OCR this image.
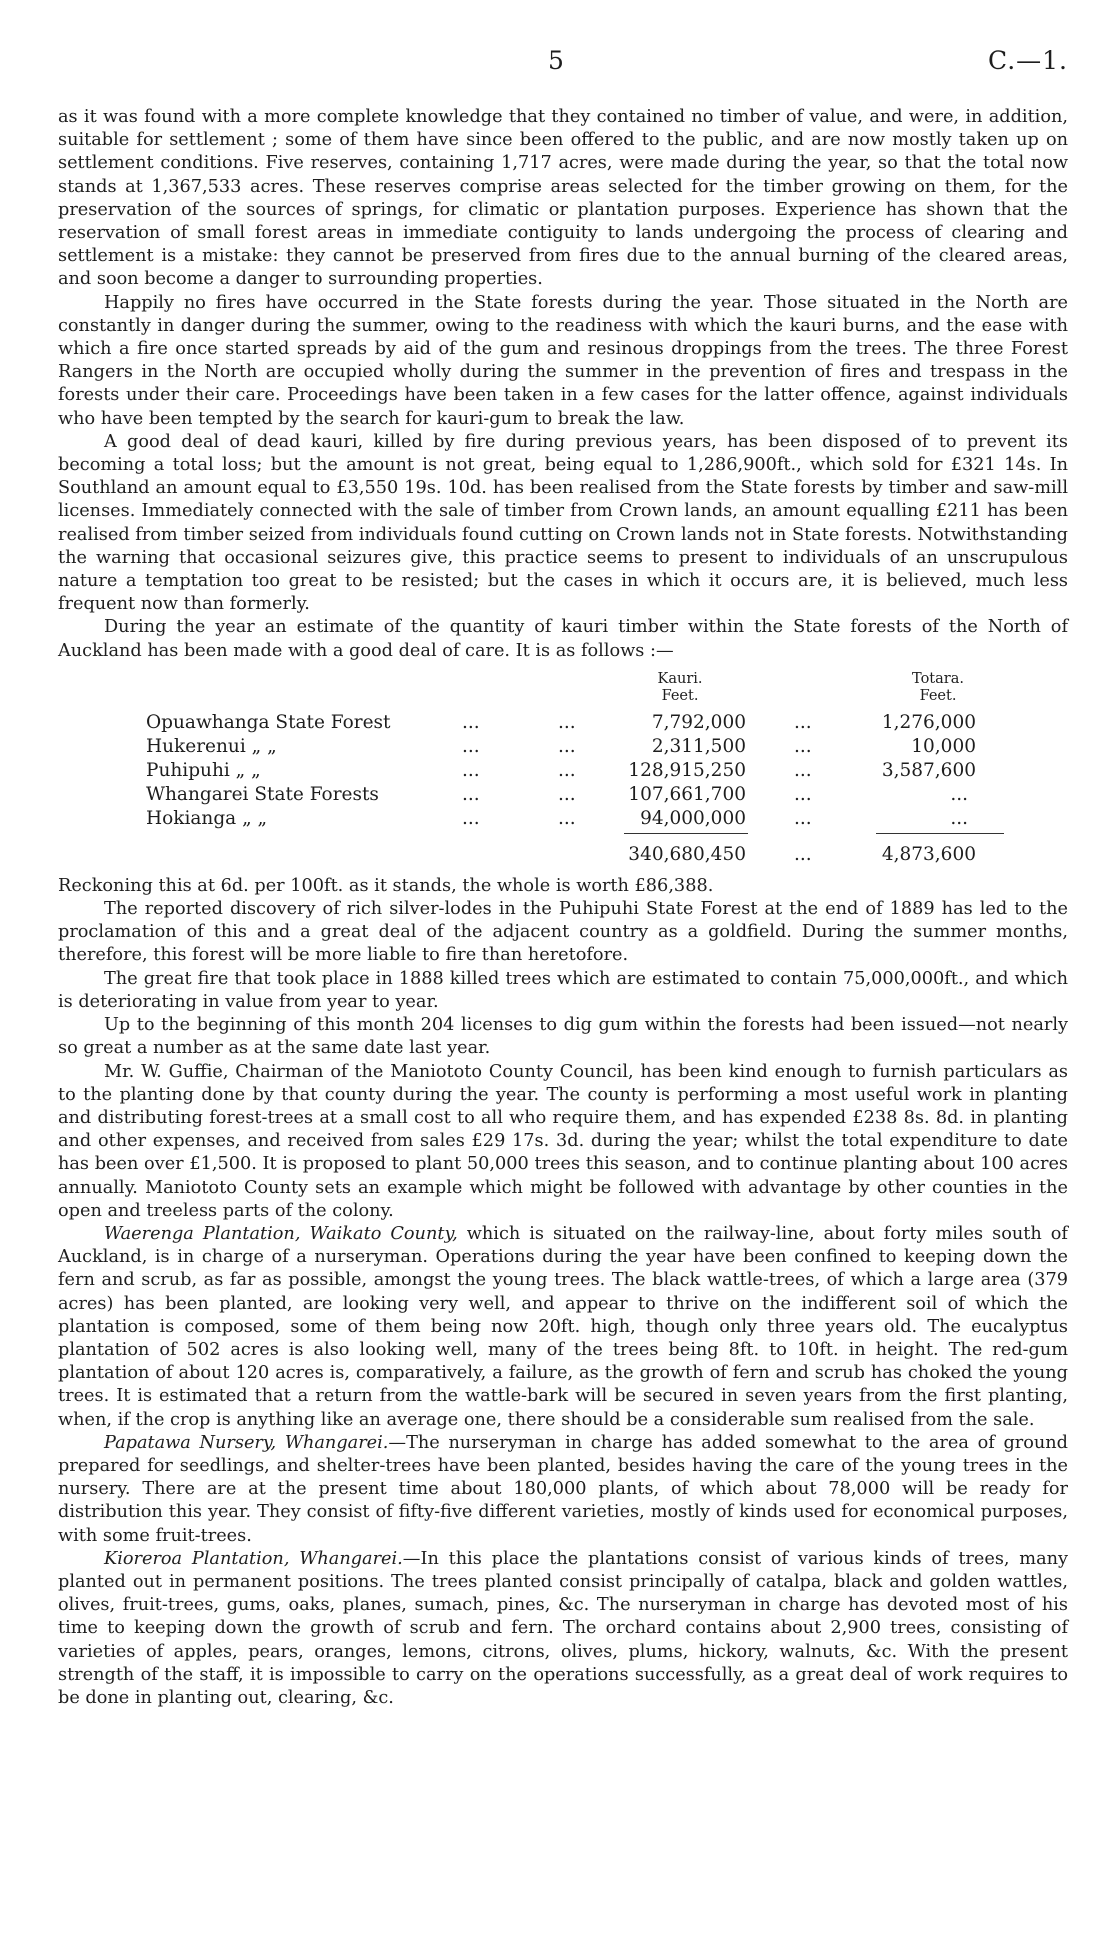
5	C.—1.

as it was found with a more complete knowledge that they contained no timber of value, and were, in addition, suitable for settlement ; some of them have since been offered to the public, and are now mostly taken up on settlement conditions. Five reserves, containing 1,717 acres, were made during the year, so that the total now stands at 1,367,533 acres. These reserves comprise areas selected for the timber growing on them, for the preservation of the sources of springs, for climatic or plantation purposes. Experience has shown that the reservation of small forest areas in immediate contiguity to lands undergoing the process of clearing and settlement is a mistake: they cannot be preserved from fires due to the annual burning of the cleared areas, and soon become a danger to surrounding properties.

Happily no fires have occurred in the State forests during the year. Those situated in the North are constantly in danger during the summer, owing to the readiness with which the kauri burns, and the ease with which a fire once started spreads by aid of the gum and resinous droppings from the trees. The three Forest Rangers in the North are occupied wholly during the summer in the prevention of fires and trespass in the forests under their care. Proceedings have been taken in a few cases for the latter offence, against individuals who have been tempted by the search for kauri-gum to break the law.

A good deal of dead kauri, killed by fire during previous years, has been disposed of to prevent its becoming a total loss; but the amount is not great, being equal to 1,286,900ft., which sold for £321 14s. In Southland an amount equal to £3,550 19s. 10d. has been realised from the State forests by timber and saw-mill licenses. Immediately connected with the sale of timber from Crown lands, an amount equalling £211 has been realised from timber seized from individuals found cutting on Crown lands not in State forests. Notwithstanding the warning that occasional seizures give, this practice seems to present to individuals of an unscrupulous nature a temptation too great to be resisted; but the cases in which it occurs are, it is believed, much less frequent now than formerly.

During the year an estimate of the quantity of kauri timber within the State forests of the North of Auckland has been made with a good deal of care. It is as follows :—

Kauri.
Feet.
Totara.
Feet.
Opuawhanga State Forest	...	...	7,792,000	...	1,276,000
Hukerenui „ „	...	...	2,311,500	...	10,000
Puhipuhi „ „	...	...	128,915,250	...	3,587,600
Whangarei State Forests	...	...	107,661,700	...	...
Hokianga „ „	...	...	94,000,000	...	...
340,680,450	...	4,873,600

Reckoning this at 6d. per 100ft. as it stands, the whole is worth £86,388.

The reported discovery of rich silver-lodes in the Puhipuhi State Forest at the end of 1889 has led to the proclamation of this and a great deal of the adjacent country as a goldfield. During the summer months, therefore, this forest will be more liable to fire than heretofore.

The great fire that took place in 1888 killed trees which are estimated to contain 75,000,000ft., and which is deteriorating in value from year to year.

Up to the beginning of this month 204 licenses to dig gum within the forests had been issued—not nearly so great a number as at the same date last year.

Mr. W. Guffie, Chairman of the Maniototo County Council, has been kind enough to furnish particulars as to the planting done by that county during the year. The county is performing a most useful work in planting and distributing forest-trees at a small cost to all who require them, and has expended £238 8s. 8d. in planting and other expenses, and received from sales £29 17s. 3d. during the year; whilst the total expenditure to date has been over £1,500. It is proposed to plant 50,000 trees this season, and to continue planting about 100 acres annually. Maniototo County sets an example which might be followed with advantage by other counties in the open and treeless parts of the colony.

Waerenga Plantation, Waikato County, which is situated on the railway-line, about forty miles south of Auckland, is in charge of a nurseryman. Operations during the year have been confined to keeping down the fern and scrub, as far as possible, amongst the young trees. The black wattle-trees, of which a large area (379 acres) has been planted, are looking very well, and appear to thrive on the indifferent soil of which the plantation is composed, some of them being now 20ft. high, though only three years old. The eucalyptus plantation of 502 acres is also looking well, many of the trees being 8ft. to 10ft. in height. The red-gum plantation of about 120 acres is, comparatively, a failure, as the growth of fern and scrub has choked the young trees. It is estimated that a return from the wattle-bark will be secured in seven years from the first planting, when, if the crop is anything like an average one, there should be a considerable sum realised from the sale.

Papatawa Nursery, Whangarei.—The nurseryman in charge has added somewhat to the area of ground prepared for seedlings, and shelter-trees have been planted, besides having the care of the young trees in the nursery. There are at the present time about 180,000 plants, of which about 78,000 will be ready for distribution this year. They consist of fifty-five different varieties, mostly of kinds used for economical purposes, with some fruit-trees.

Kioreroa Plantation, Whangarei.—In this place the plantations consist of various kinds of trees, many planted out in permanent positions. The trees planted consist principally of catalpa, black and golden wattles, olives, fruit-trees, gums, oaks, planes, sumach, pines, &c. The nurseryman in charge has devoted most of his time to keeping down the growth of scrub and fern. The orchard contains about 2,900 trees, consisting of varieties of apples, pears, oranges, lemons, citrons, olives, plums, hickory, walnuts, &c. With the present strength of the staff, it is impossible to carry on the operations successfully, as a great deal of work requires to be done in planting out, clearing, &c.
